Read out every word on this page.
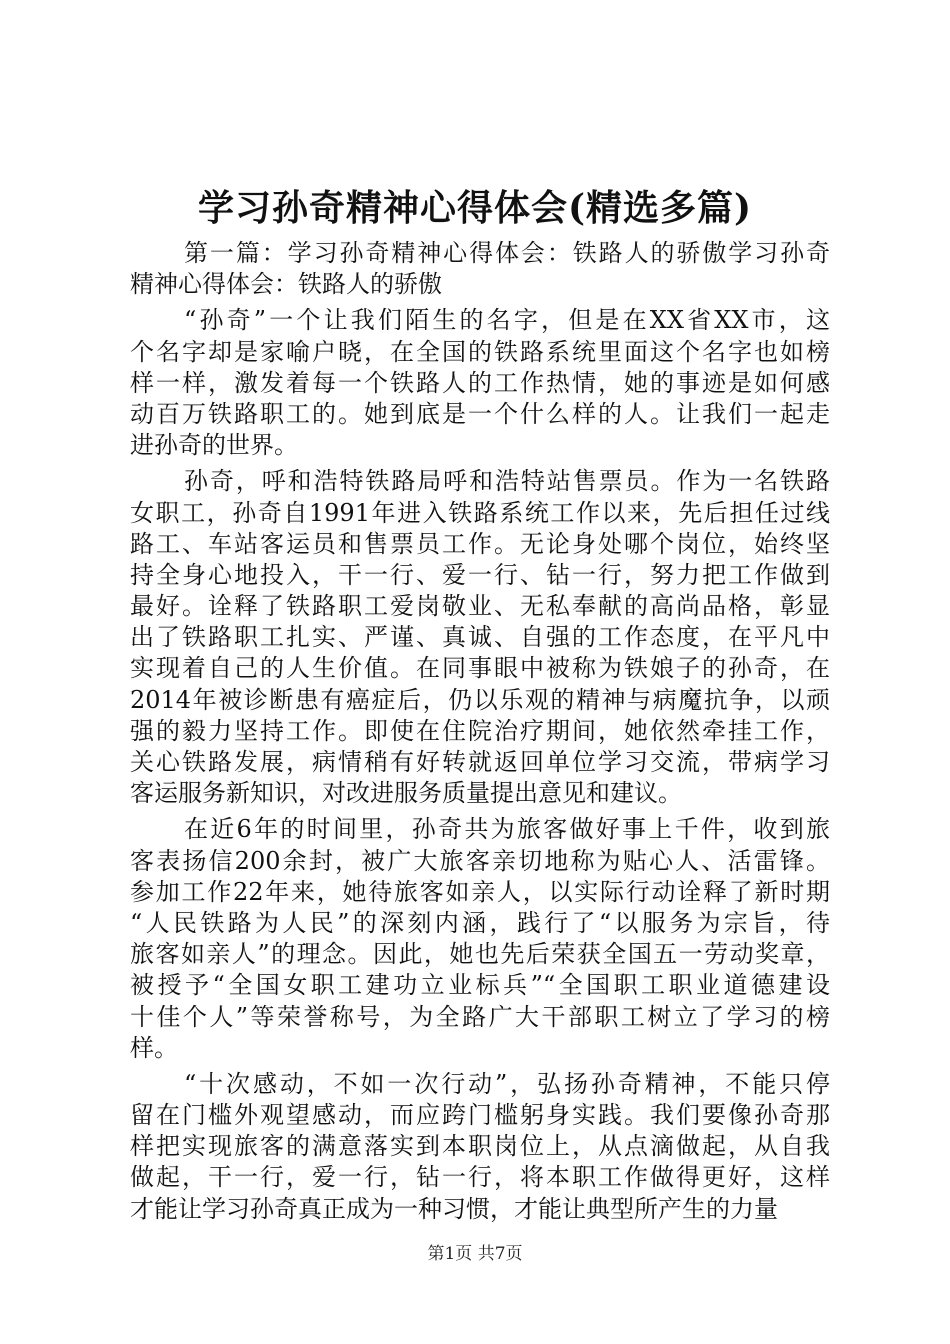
学习孙奇精神心得体会(精选多篇)
第一篇：学习孙奇精神心得体会：铁路人的骄傲学习孙奇
精神心得体会：铁路人的骄傲
“孙奇”一个让我们陌生的名字，但是在XX省XX市，这
个名字却是家喻户晓，在全国的铁路系统里面这个名字也如榜
样一样，激发着每一个铁路人的工作热情，她的事迹是如何感
动百万铁路职工的。她到底是一个什么样的人。让我们一起走
进孙奇的世界。
孙奇，呼和浩特铁路局呼和浩特站售票员。作为一名铁路
女职工，孙奇自1991年进入铁路系统工作以来，先后担任过线
路工、车站客运员和售票员工作。无论身处哪个岗位，始终坚
持全身心地投入，干一行、爱一行、钻一行，努力把工作做到
最好。诠释了铁路职工爱岗敬业、无私奉献的高尚品格，彰显
出了铁路职工扎实、严谨、真诚、自强的工作态度，在平凡中
实现着自己的人生价值。在同事眼中被称为铁娘子的孙奇，在
2014年被诊断患有癌症后，仍以乐观的精神与病魔抗争，以顽
强的毅力坚持工作。即使在住院治疗期间，她依然牵挂工作，
关心铁路发展，病情稍有好转就返回单位学习交流，带病学习
客运服务新知识，对改进服务质量提出意见和建议。
在近6年的时间里，孙奇共为旅客做好事上千件，收到旅
客表扬信200余封，被广大旅客亲切地称为贴心人、活雷锋。
参加工作22年来，她待旅客如亲人，以实际行动诠释了新时期
“人民铁路为人民”的深刻内涵，践行了“以服务为宗旨，待
旅客如亲人”的理念。因此，她也先后荣获全国五一劳动奖章，
被授予“全国女职工建功立业标兵”“全国职工职业道德建设
十佳个人”等荣誉称号，为全路广大干部职工树立了学习的榜
样。
“十次感动，不如一次行动”，弘扬孙奇精神，不能只停
留在门槛外观望感动，而应跨门槛躬身实践。我们要像孙奇那
样把实现旅客的满意落实到本职岗位上，从点滴做起，从自我
做起，干一行，爱一行，钻一行，将本职工作做得更好，这样
才能让学习孙奇真正成为一种习惯，才能让典型所产生的力量
第1页 共7页
